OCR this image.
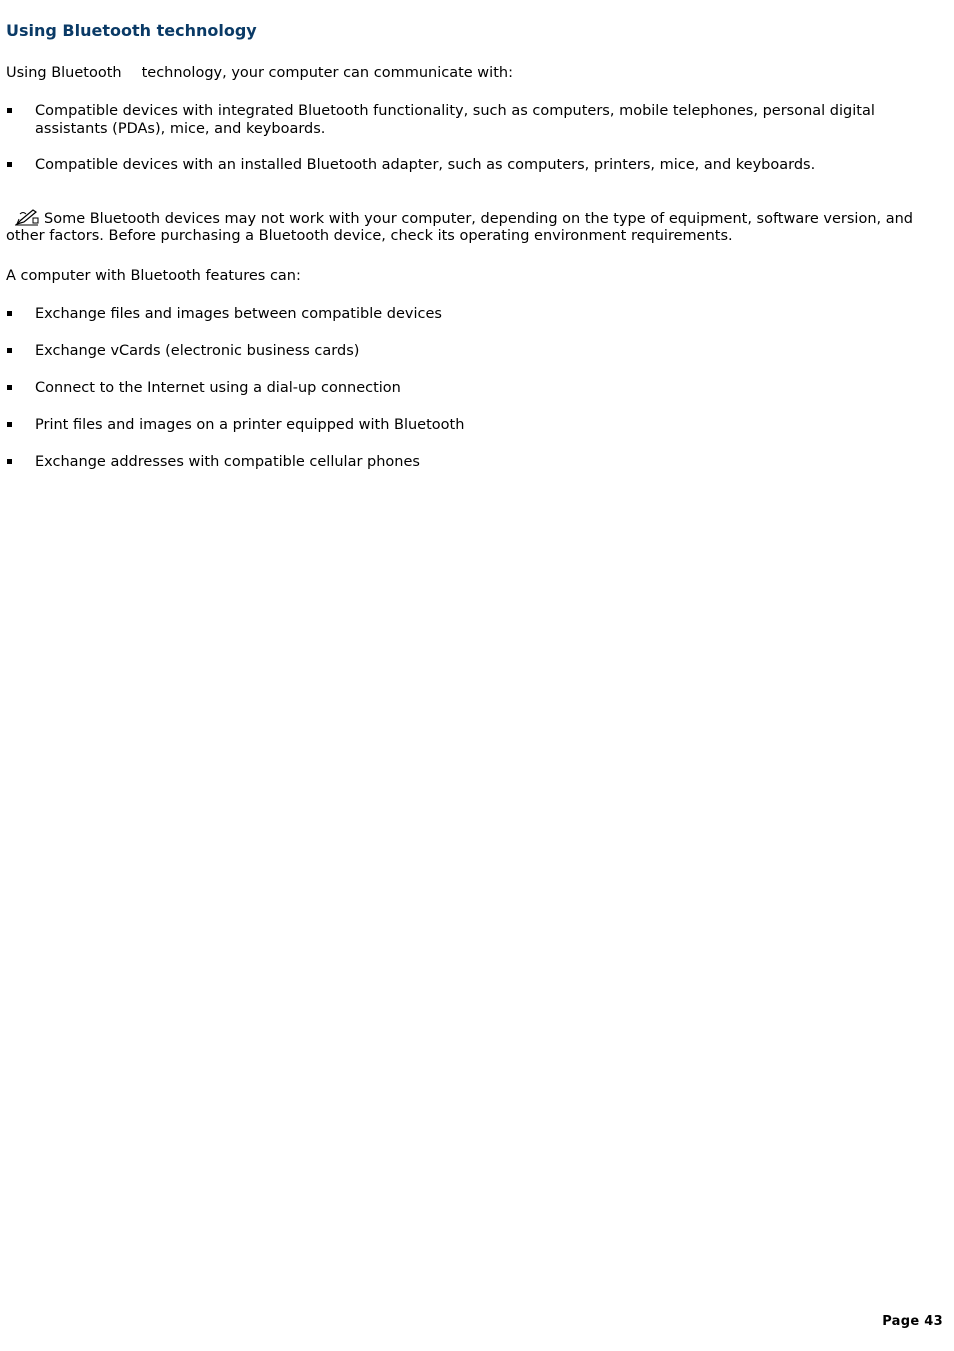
Using Bluetooth technology

Using Bluetooth technology, your computer can communicate with:

Compatible devices with integrated Bluetooth functionality, such as computers, mobile telephones, personal digital assistants (PDAs), mice, and keyboards.
Compatible devices with an installed Bluetooth adapter, such as computers, printers, mice, and keyboards.

Some Bluetooth devices may not work with your computer, depending on the type of equipment, software version, and other factors. Before purchasing a Bluetooth device, check its operating environment requirements.

A computer with Bluetooth features can:

Exchange files and images between compatible devices
Exchange vCards (electronic business cards)
Connect to the Internet using a dial-up connection
Print files and images on a printer equipped with Bluetooth
Exchange addresses with compatible cellular phones
Page 43
